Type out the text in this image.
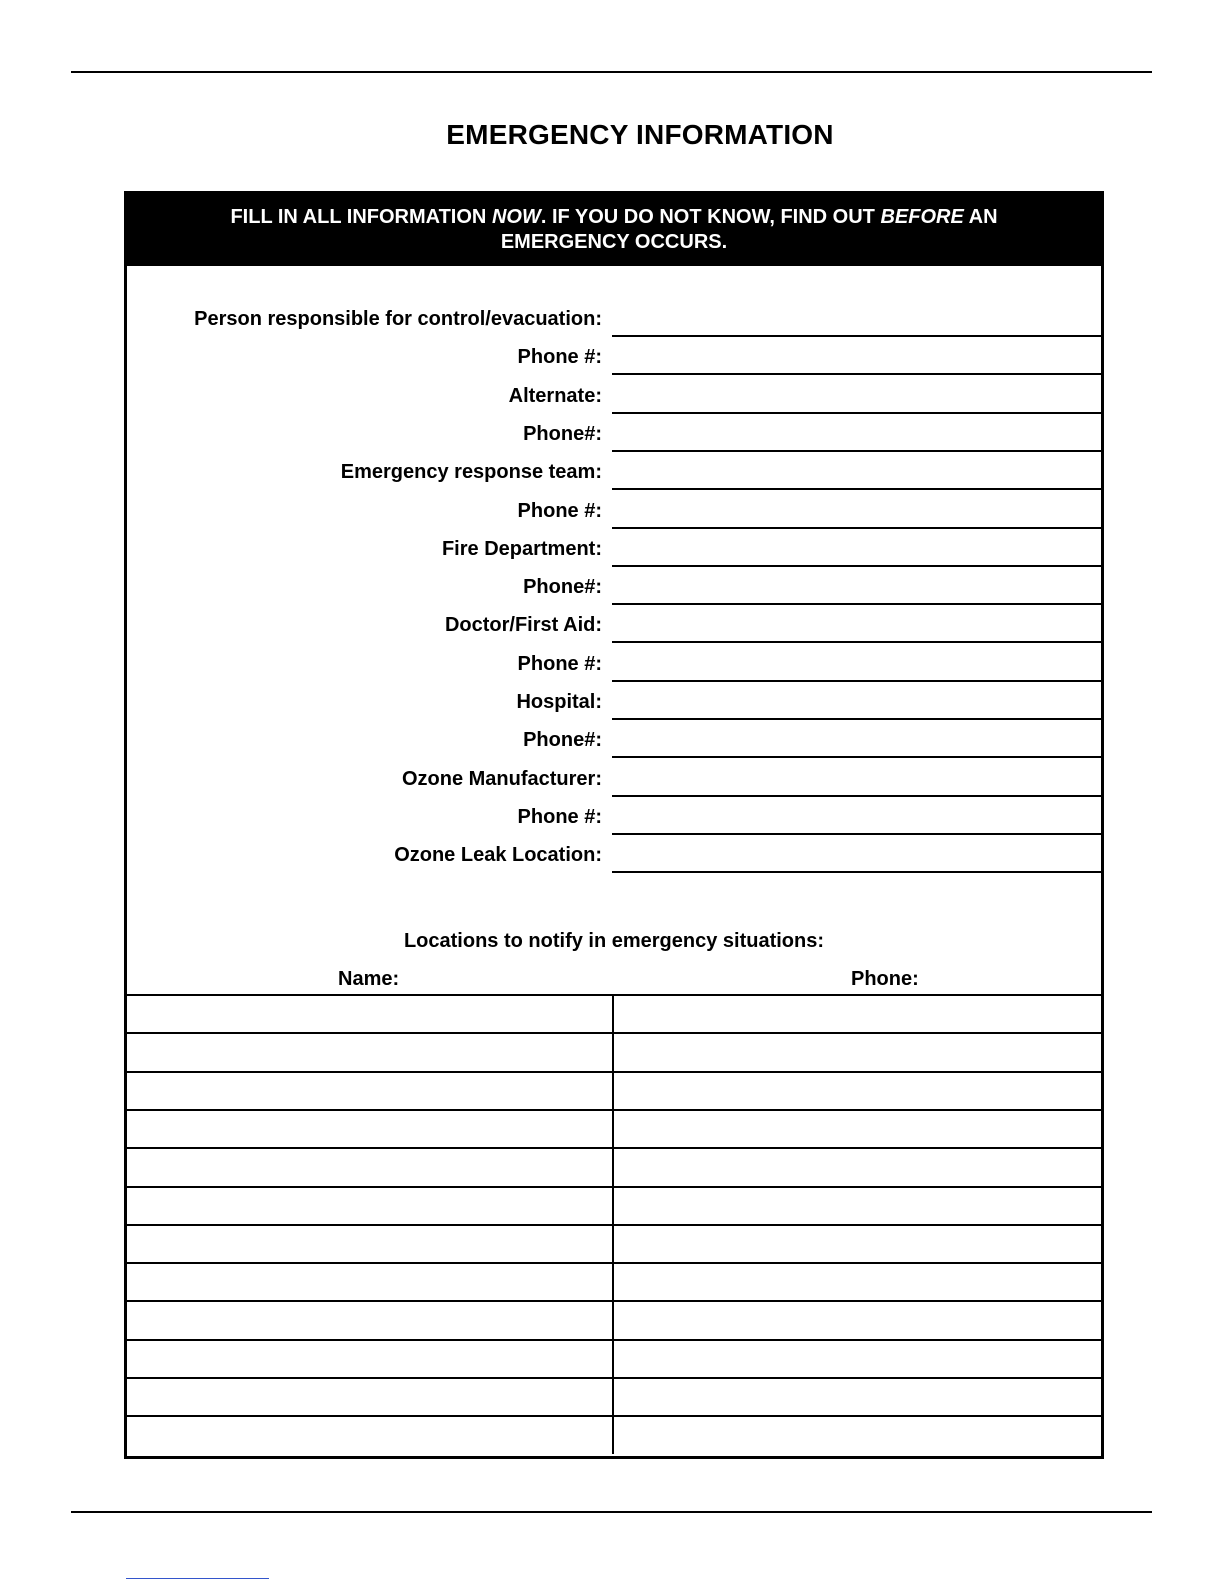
EMERGENCY INFORMATION
FILL IN ALL INFORMATION NOW. IF YOU DO NOT KNOW, FIND OUT BEFORE AN
EMERGENCY OCCURS.
Person responsible for control/evacuation:
Phone #:
Alternate:
Phone#:
Emergency response team:
Phone #:
Fire Department:
Phone#:
Doctor/First Aid:
Phone #:
Hospital:
Phone#:
Ozone Manufacturer:
Phone #:
Ozone Leak Location:
Locations to notify in emergency situations:
Name:	Phone:
